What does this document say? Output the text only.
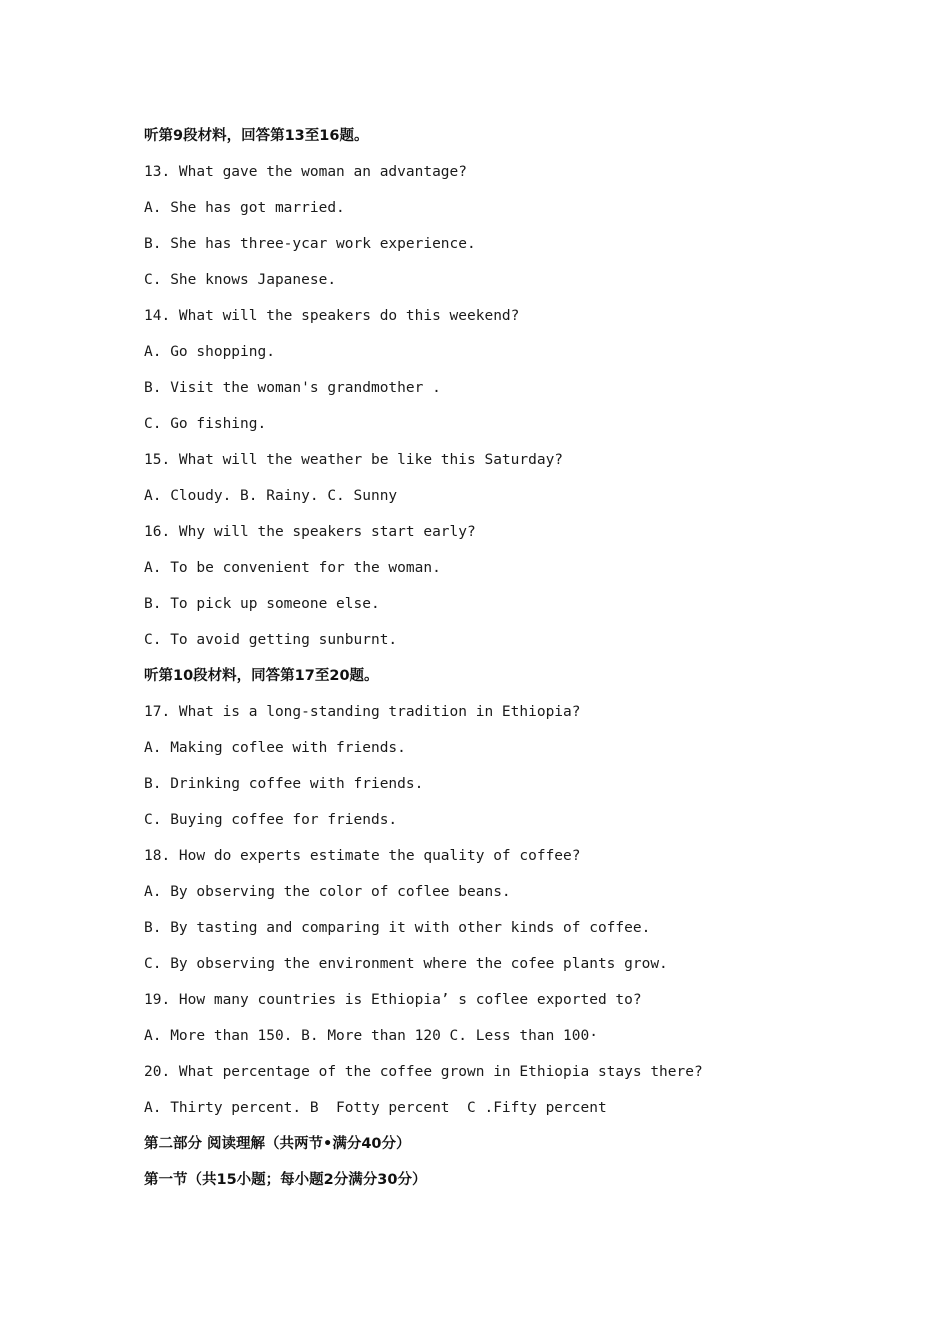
听第9段材料，回答第13至16题。
13. What gave the woman an advantage?
A. She has got married.
B. She has three-ycar work experience.
C. She knows Japanese.
14. What will the speakers do this weekend?
A. Go shopping.
B. Visit the woman's grandmother .
C. Go fishing.
15. What will the weather be like this Saturday?
A. Cloudy. B. Rainy. C. Sunny
16. Why will the speakers start early?
A. To be convenient for the woman.
B. To pick up someone else.
C. To avoid getting sunburnt.
听第10段材料，同答第17至20题。
17. What is a long-standing tradition in Ethiopia?
A. Making coflee with friends.
B. Drinking coffee with friends.
C. Buying coffee for friends.
18. How do experts estimate the quality of coffee?
A. By observing the color of coflee beans.
B. By tasting and comparing it with other kinds of coffee.
C. By observing the environment where the cofee plants grow.
19. How many countries is Ethiopia’ s coflee exported to?
A. More than 150. B. More than 120 C. Less than 100·
20. What percentage of the coffee grown in Ethiopia stays there?
A. Thirty percent. B  Fotty percent  C .Fifty percent
第二部分 阅读理解（共两节•满分40分）
第一节（共15小题；每小题2分满分30分）
